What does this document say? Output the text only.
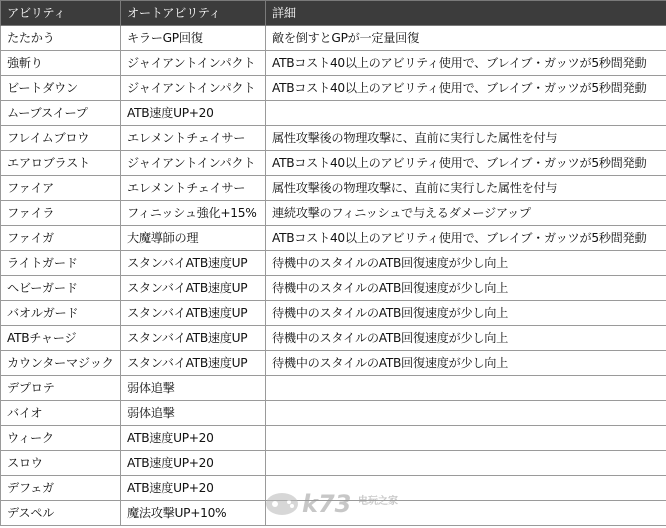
アビリティ	オートアビリティ	詳細
たたかう	キラーGP回復	敵を倒すとGPが一定量回復
強斬り	ジャイアントインパクト	ATBコスト40以上のアビリティ使用で、ブレイブ・ガッツが5秒間発動
ビートダウン	ジャイアントインパクト	ATBコスト40以上のアビリティ使用で、ブレイブ・ガッツが5秒間発動
ムーブスイープ	ATB速度UP+20	
フレイムブロウ	エレメントチェイサー	属性攻撃後の物理攻撃に、直前に実行した属性を付与
エアロブラスト	ジャイアントインパクト	ATBコスト40以上のアビリティ使用で、ブレイブ・ガッツが5秒間発動
ファイア	エレメントチェイサー	属性攻撃後の物理攻撃に、直前に実行した属性を付与
ファイラ	フィニッシュ強化+15%	連続攻撃のフィニッシュで与えるダメージアップ
ファイガ	大魔導師の理	ATBコスト40以上のアビリティ使用で、ブレイブ・ガッツが5秒間発動
ライトガード	スタンバイATB速度UP	待機中のスタイルのATB回復速度が少し向上
ヘビーガード	スタンバイATB速度UP	待機中のスタイルのATB回復速度が少し向上
バオルガード	スタンバイATB速度UP	待機中のスタイルのATB回復速度が少し向上
ATBチャージ	スタンバイATB速度UP	待機中のスタイルのATB回復速度が少し向上
カウンターマジック	スタンバイATB速度UP	待機中のスタイルのATB回復速度が少し向上
デプロテ	弱体追撃	
バイオ	弱体追撃	
ウィーク	ATB速度UP+20	
スロウ	ATB速度UP+20	
デフェガ	ATB速度UP+20	
デスペル	魔法攻撃UP+10%		k73 电玩之家
